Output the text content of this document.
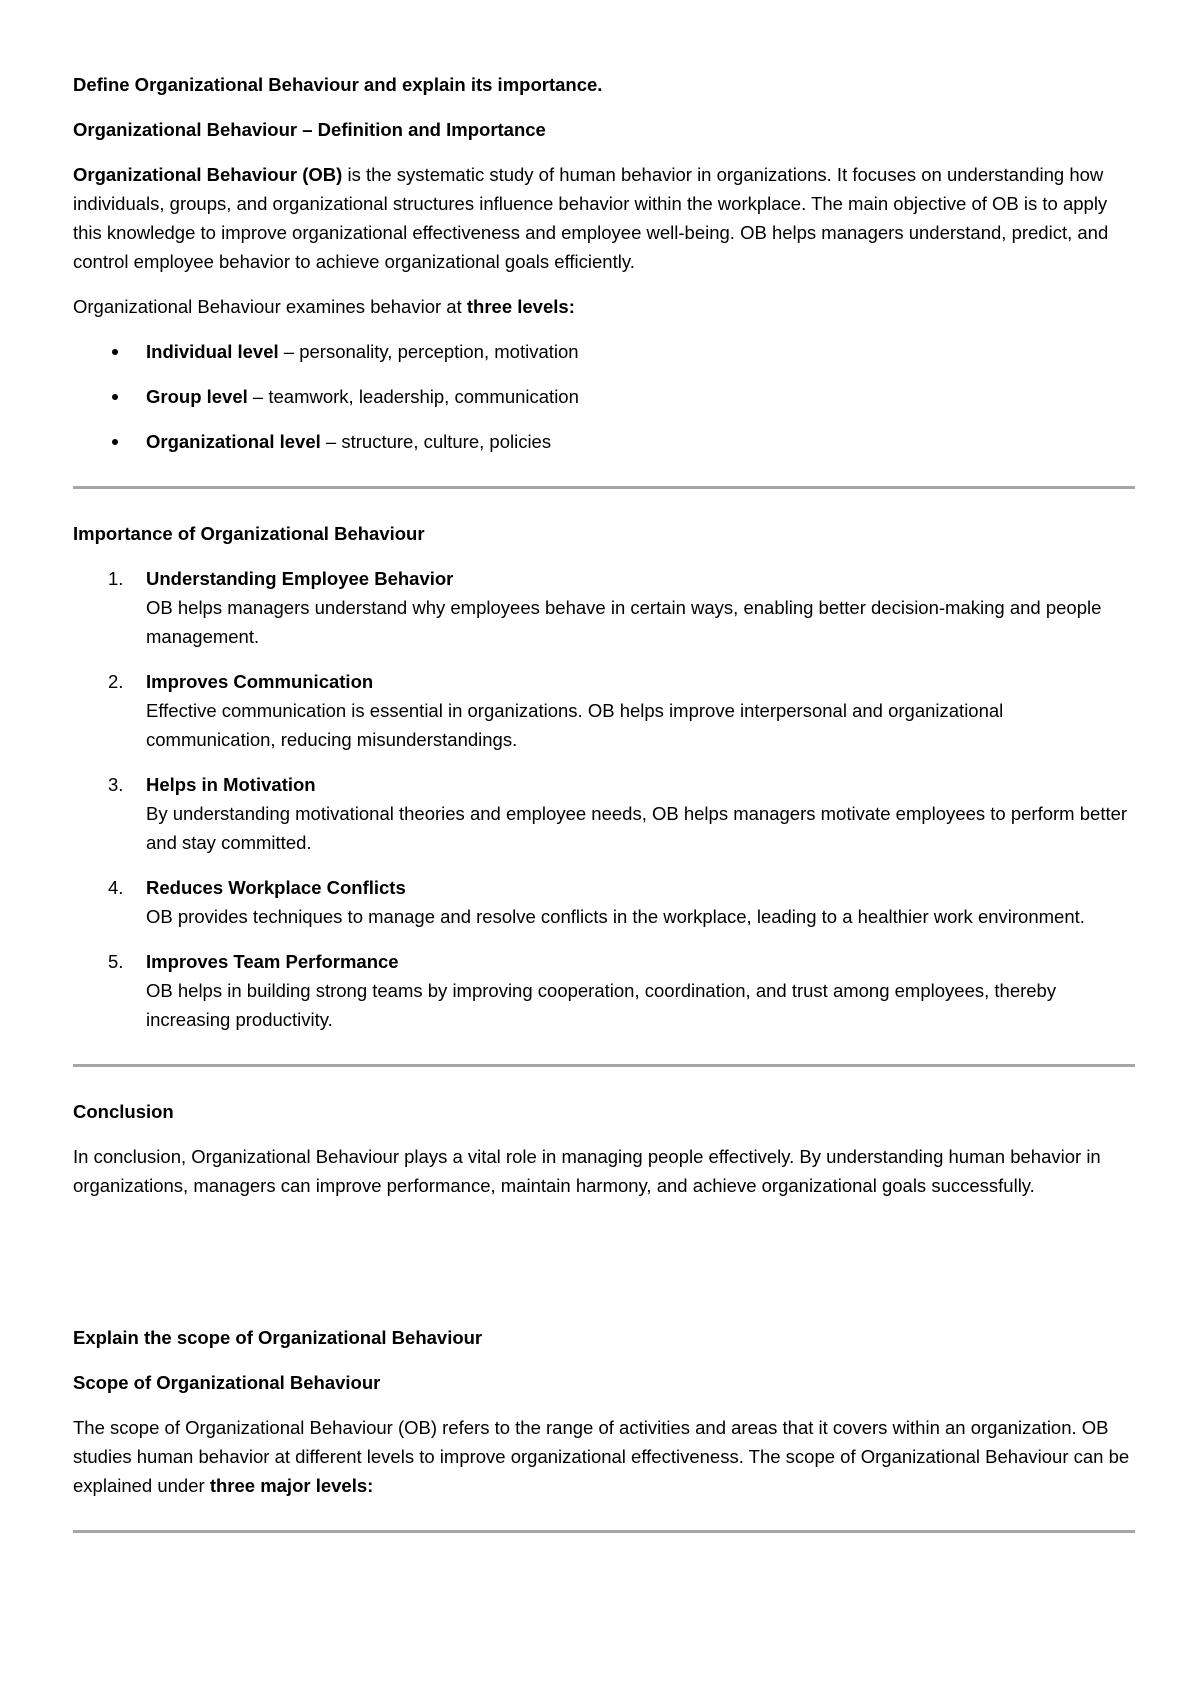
Define Organizational Behaviour and explain its importance.

Organizational Behaviour – Definition and Importance

Organizational Behaviour (OB) is the systematic study of human behavior in organizations. It focuses on understanding how individuals, groups, and organizational structures influence behavior within the workplace. The main objective of OB is to apply this knowledge to improve organizational effectiveness and employee well-being. OB helps managers understand, predict, and control employee behavior to achieve organizational goals efficiently.

Organizational Behaviour examines behavior at three levels:

Individual level – personality, perception, motivation
Group level – teamwork, leadership, communication
Organizational level – structure, culture, policies

Importance of Organizational Behaviour

1. Understanding Employee Behavior
OB helps managers understand why employees behave in certain ways, enabling better decision-making and people management.
2. Improves Communication
Effective communication is essential in organizations. OB helps improve interpersonal and organizational communication, reducing misunderstandings.
3. Helps in Motivation
By understanding motivational theories and employee needs, OB helps managers motivate employees to perform better and stay committed.
4. Reduces Workplace Conflicts
OB provides techniques to manage and resolve conflicts in the workplace, leading to a healthier work environment.
5. Improves Team Performance
OB helps in building strong teams by improving cooperation, coordination, and trust among employees, thereby increasing productivity.

Conclusion

In conclusion, Organizational Behaviour plays a vital role in managing people effectively. By understanding human behavior in organizations, managers can improve performance, maintain harmony, and achieve organizational goals successfully.

Explain the scope of Organizational Behaviour

Scope of Organizational Behaviour

The scope of Organizational Behaviour (OB) refers to the range of activities and areas that it covers within an organization. OB studies human behavior at different levels to improve organizational effectiveness. The scope of Organizational Behaviour can be explained under three major levels:
